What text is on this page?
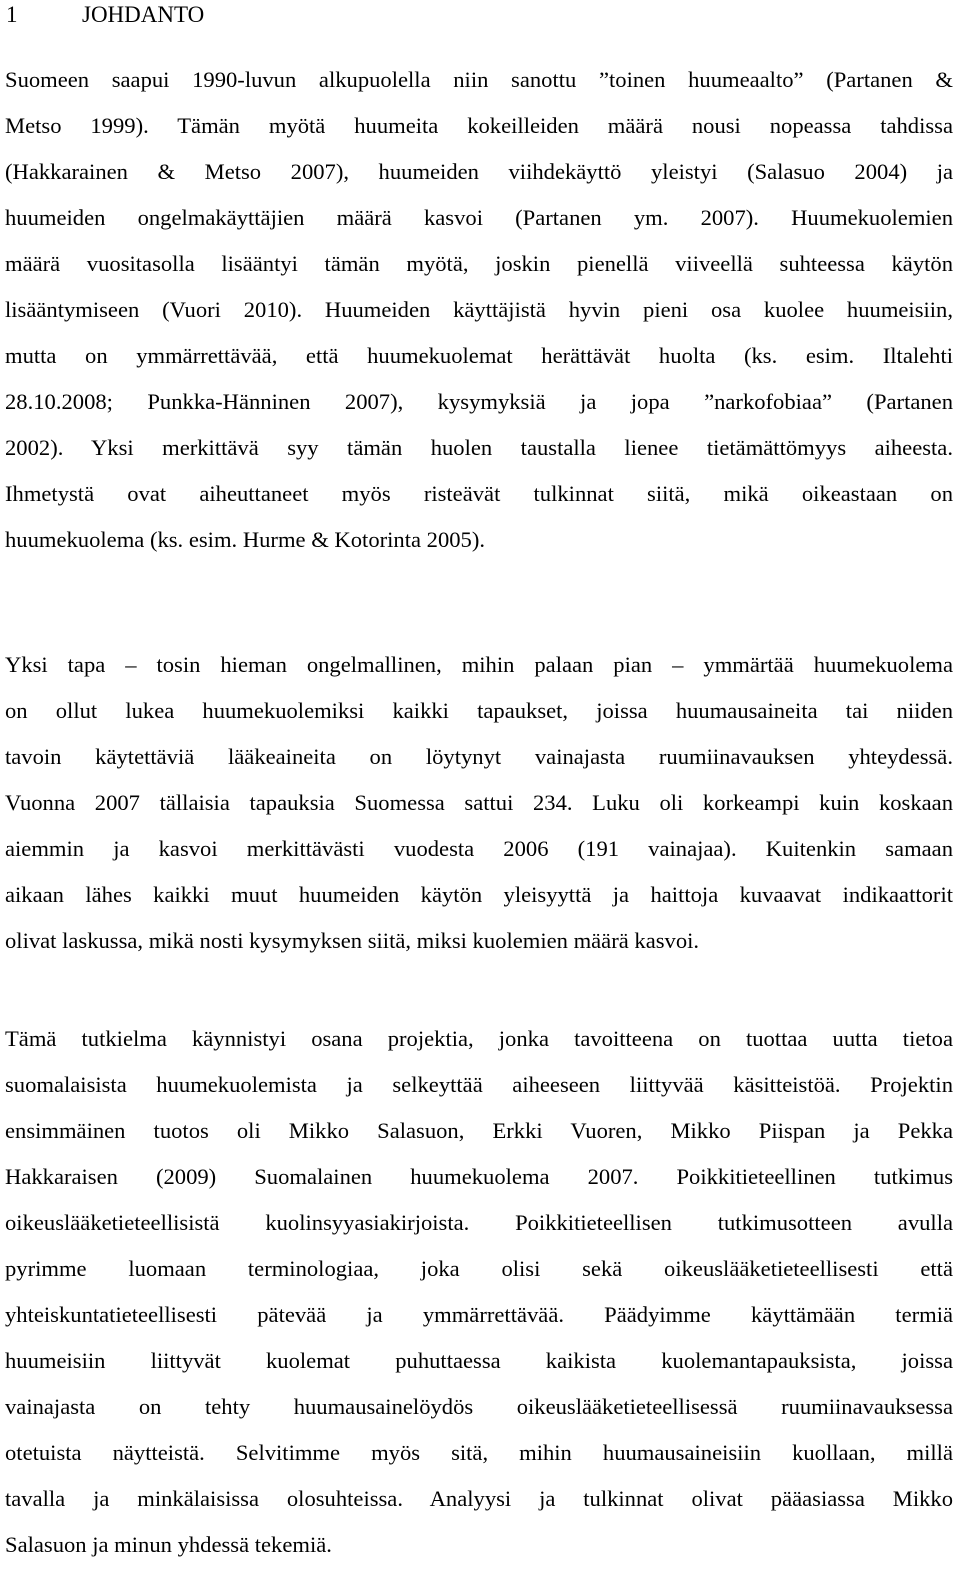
1	JOHDANTO
Suomeen saapui 1990-luvun alkupuolella niin sanottu ”toinen huumeaalto” (Partanen &
Metso 1999). Tämän myötä huumeita kokeilleiden määrä nousi nopeassa tahdissa
(Hakkarainen & Metso 2007), huumeiden viihdekäyttö yleistyi (Salasuo 2004) ja
huumeiden ongelmakäyttäjien määrä kasvoi (Partanen ym. 2007). Huumekuolemien
määrä vuositasolla lisääntyi tämän myötä, joskin pienellä viiveellä suhteessa käytön
lisääntymiseen (Vuori 2010). Huumeiden käyttäjistä hyvin pieni osa kuolee huumeisiin,
mutta on ymmärrettävää, että huumekuolemat herättävät huolta (ks. esim. Iltalehti
28.10.2008; Punkka-Hänninen 2007), kysymyksiä ja jopa ”narkofobiaa” (Partanen
2002). Yksi merkittävä syy tämän huolen taustalla lienee tietämättömyys aiheesta.
Ihmetystä ovat aiheuttaneet myös risteävät tulkinnat siitä, mikä oikeastaan on
huumekuolema (ks. esim. Hurme & Kotorinta 2005).
Yksi tapa – tosin hieman ongelmallinen, mihin palaan pian – ymmärtää huumekuolema
on ollut lukea huumekuolemiksi kaikki tapaukset, joissa huumausaineita tai niiden
tavoin käytettäviä lääkeaineita on löytynyt vainajasta ruumiinavauksen yhteydessä.
Vuonna 2007 tällaisia tapauksia Suomessa sattui 234. Luku oli korkeampi kuin koskaan
aiemmin ja kasvoi merkittävästi vuodesta 2006 (191 vainajaa). Kuitenkin samaan
aikaan lähes kaikki muut huumeiden käytön yleisyyttä ja haittoja kuvaavat indikaattorit
olivat laskussa, mikä nosti kysymyksen siitä, miksi kuolemien määrä kasvoi.
Tämä tutkielma käynnistyi osana projektia, jonka tavoitteena on tuottaa uutta tietoa
suomalaisista huumekuolemista ja selkeyttää aiheeseen liittyvää käsitteistöä. Projektin
ensimmäinen tuotos oli Mikko Salasuon, Erkki Vuoren, Mikko Piispan ja Pekka
Hakkaraisen (2009) Suomalainen huumekuolema 2007. Poikkitieteellinen tutkimus
oikeuslääketieteellisistä kuolinsyyasiakirjoista. Poikkitieteellisen tutkimusotteen avulla
pyrimme luomaan terminologiaa, joka olisi sekä oikeuslääketieteellisesti että
yhteiskuntatieteellisesti pätevää ja ymmärrettävää. Päädyimme käyttämään termiä
huumeisiin liittyvät kuolemat puhuttaessa kaikista kuolemantapauksista, joissa
vainajasta on tehty huumausainelöydös oikeuslääketieteellisessä ruumiinavauksessa
otetuista näytteistä. Selvitimme myös sitä, mihin huumausaineisiin kuollaan, millä
tavalla ja minkälaisissa olosuhteissa. Analyysi ja tulkinnat olivat pääasiassa Mikko
Salasuon ja minun yhdessä tekemiä.
